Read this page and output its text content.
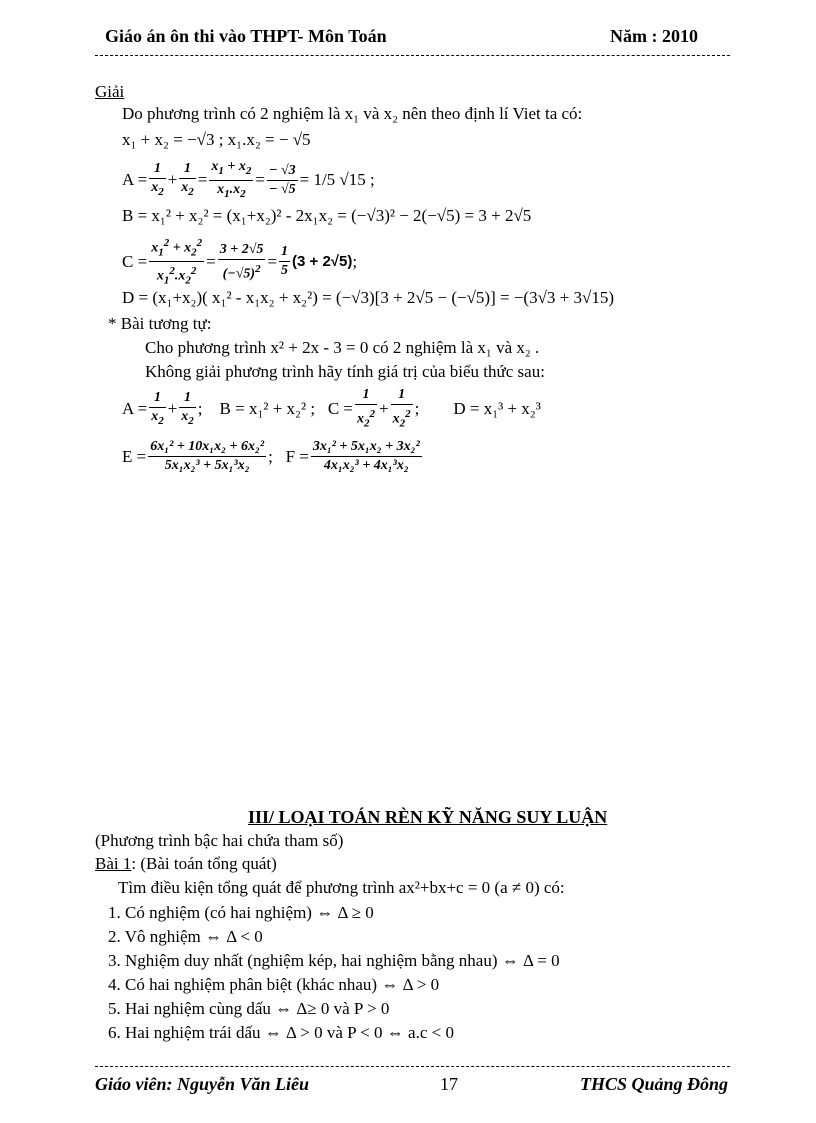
Giáo án ôn thi vào THPT- Môn Toán	Năm : 2010
Giải
Do phương trình có 2 nghiệm là x₁ và x₂ nên theo định lí Viet ta có:
x₁ + x₂ = −√3 ; x₁.x₂ = − √5
$A = \frac{1}{x_2} + \frac{1}{x_2} = \frac{x_1 + x_2}{x_1.x_2} = \frac{- √3}{- √5} = 1/5$ √15 ;
B = x₁² + x₂² = (x₁+x₂)² - 2x₁x₂ = (−√3)² − 2(−√5) = 3 + 2√5
$C = \frac{x_1^2 + x_2^2}{x_1^2.x_2^2} = \frac{3 + 2√5}{(-√5)^2} = \frac{1}{5} (3 + 2√5)$ ;
D = (x₁+x₂)( x₁² - x₁x₂ + x₂²) = (−√3)[3 + 2√5 − (−√5)] = −(3√3 + 3√15)
* Bài tương tự:
Cho phương trình x² + 2x - 3 = 0 có 2 nghiệm là x₁ và x₂ .
Không giải phương trình hãy tính giá trị của biểu thức sau:
$A = \frac{1}{x_2} + \frac{1}{x_2}$ ; B = x₁² + x₂² ; $C = \frac{1}{x_2^2} + \frac{1}{x_2^2}$ ; D = x₁³ + x₂³
$E = \frac{\text{6x₁² + 10x₁x₂ + 6x₂²}}{\text{5x₁x₂³ + 5x₁³x₂}}$ ;   $F = \frac{\text{3x₁² + 5x₁x₂ + 3x₂²}}{\text{4x₁x₂³ + 4x₁³x₂}}$
III/ LOẠI TOÁN RÈN KỸ NĂNG SUY LUẬN
(Phương trình bậc hai chứa tham số)
Bài 1: (Bài toán tổng quát)
Tìm điều kiện tổng quát để phương trình ax²+bx+c = 0 (a ≠ 0) có:
1. Có nghiệm (có hai nghiệm) ⇔ Δ ≥ 0
2. Vô nghiệm ⇔ Δ < 0
3. Nghiệm duy nhất (nghiệm kép, hai nghiệm bằng nhau) ⇔ Δ = 0
4. Có hai nghiệm phân biệt (khác nhau) ⇔ Δ > 0
5. Hai nghiệm cùng dấu ⇔ Δ≥ 0 và P > 0
6. Hai nghiệm trái dấu ⇔ Δ > 0 và P < 0 ⇔ a.c < 0
Giáo viên: Nguyễn Văn Liêu	17	THCS Quảng Đông
